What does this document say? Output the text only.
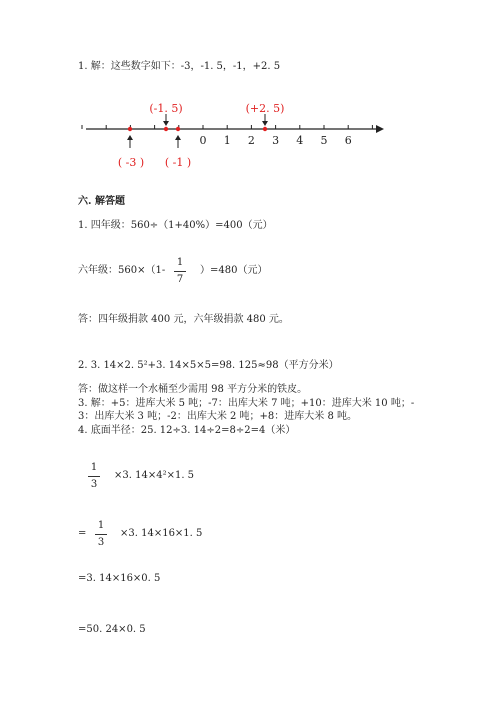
1. 解：这些数字如下：-3，-1. 5，-1，+2. 5
0 1 2 3 4 5 6
(-1. 5)	(+2. 5)
( -3 ) ( -1 )
六. 解答题
1. 四年级：560÷（1+40%）=400（元）
六年级：560×（1-
1
7
）=480（元）
答：四年级捐款 400 元，六年级捐款 480 元。
2. 3. 14×2. 5²+3. 14×5×5=98. 125≈98（平方分米）
答：做这样一个水桶至少需用 98 平方分米的铁皮。
3. 解：+5：进库大米 5 吨；-7：出库大米 7 吨；+10：进库大米 10 吨；-
3：出库大米 3 吨；-2：出库大米 2 吨；+8：进库大米 8 吨。
4. 底面半径：25. 12÷3. 14÷2=8÷2=4（米）
1
3
×3. 14×4²×1. 5
=
1
3
×3. 14×16×1. 5
=3. 14×16×0. 5
=50. 24×0. 5
